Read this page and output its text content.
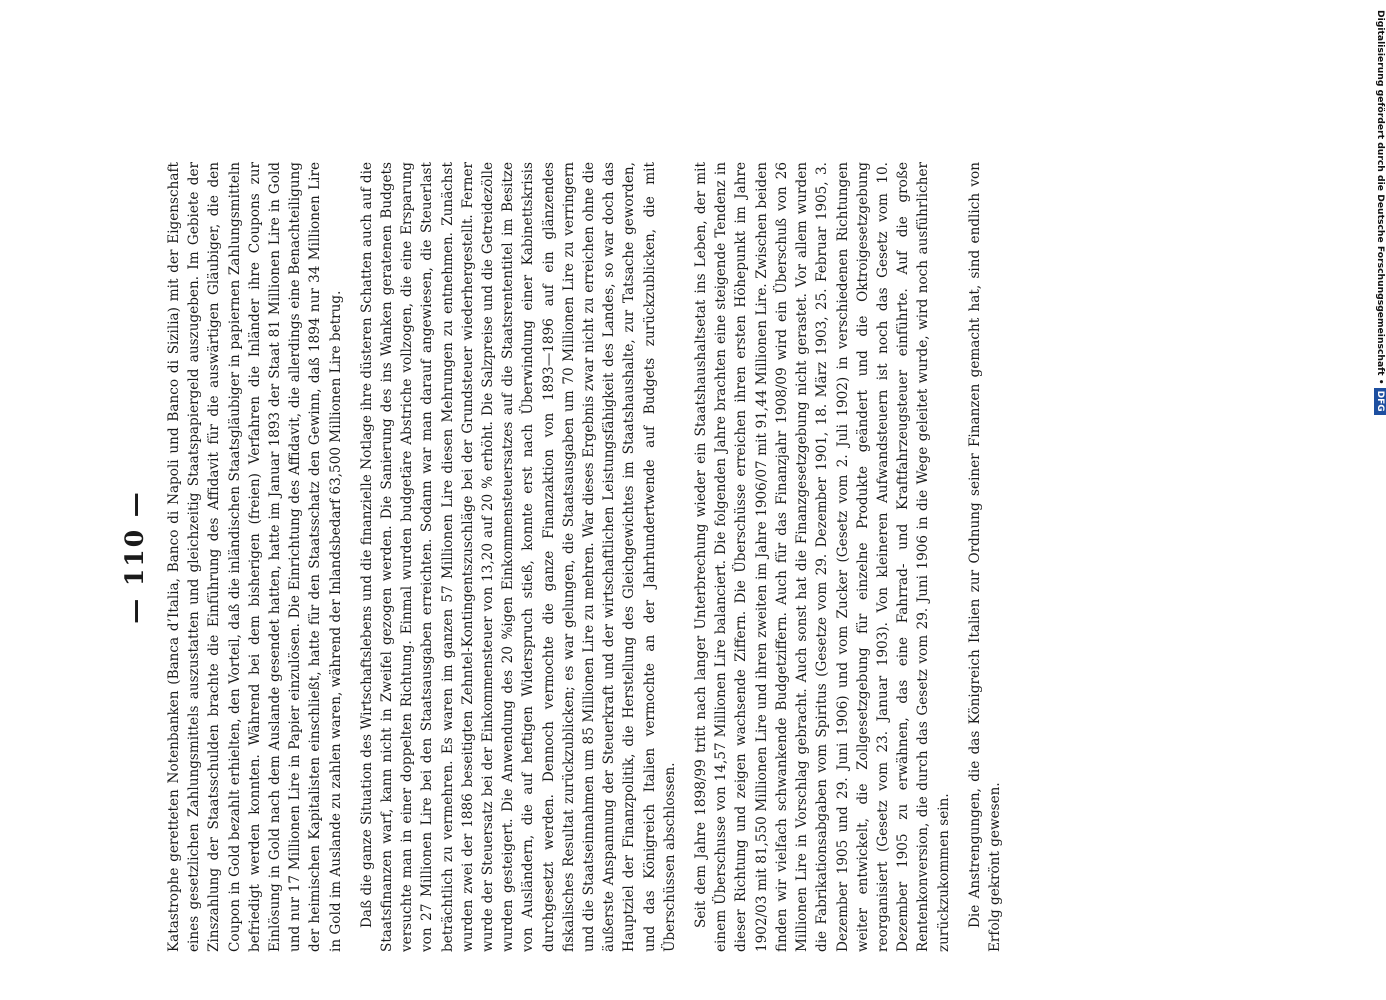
— 110 — Katastrophe geretteten Notenbanken (Banca d’Italia, Banco di Napoli und Banco di Sizilia) mit der Eigenschaft eines gesetzlichen Zahlungsmittels auszustatten und gleichzeitig Staatspapiergeld auszugeben. Im Gebiete der Zinszahlung der Staatsschulden brachte die Einführung des Affidavit für die auswärtigen Gläubiger, die den Coupon in Gold bezahlt erhielten, den Vorteil, daß die inländischen Staatsgläubiger in papiernen Zahlungsmitteln befriedigt werden konnten. Während bei dem bisherigen (freien) Verfahren die Inländer ihre Coupons zur Einlösung in Gold nach dem Auslande gesendet hatten, hatte im Januar 1893 der Staat 81 Millionen Lire in Gold und nur 17 Millionen Lire in Papier einzulösen. Die Einrichtung des Affidavit, die allerdings eine Benachteiligung der heimischen Kapitalisten einschließt, hatte für den Staatsschatz den Gewinn, daß 1894 nur 34 Millionen Lire in Gold im Auslande zu zahlen waren, während der Inlandsbedarf 63,500 Millionen Lire betrug. Daß die ganze Situation des Wirtschaftslebens und die finanzielle Notlage ihre düsteren Schatten auch auf die Staatsfinanzen warf, kann nicht in Zweifel gezogen werden. Die Sanierung des ins Wanken geratenen Budgets versuchte man in einer doppelten Richtung. Einmal wurden budgetäre Abstriche vollzogen, die eine Ersparung von 27 Millionen Lire bei den Staatsausgaben erreichten. Sodann war man darauf angewiesen, die Steuerlast beträchtlich zu vermehren. Es waren im ganzen 57 Millionen Lire diesen Mehrungen zu entnehmen. Zunächst wurden zwei der 1886 beseitigten Zehntel-Kontingentszuschläge bei der Grundsteuer wiederhergestellt. Ferner wurde der Steuersatz bei der Einkommensteuer von 13,20 auf 20 % erhöht. Die Salzpreise und die Getreidezölle wurden gesteigert. Die Anwendung des 20 %igen Einkommensteuersatzes auf die Staatsrententitel im Besitze von Ausländern, die auf heftigen Widerspruch stieß, konnte erst nach Überwindung einer Kabinettskrisis durchgesetzt werden. Dennoch vermochte die ganze Finanzaktion von 1893—1896 auf ein glänzendes fiskalisches Resultat zurückzublicken; es war gelungen, die Staatsausgaben um 70 Millionen Lire zu verringern und die Staatseinnahmen um 85 Millionen Lire zu mehren. War dieses Ergebnis zwar nicht zu erreichen ohne die äußerste Anspannung der Steuerkraft und der wirtschaftlichen Leistungsfähigkeit des Landes, so war doch das Hauptziel der Finanzpolitik, die Herstellung des Gleichgewichtes im Staatshaushalte, zur Tatsache geworden, und das Königreich Italien vermochte an der Jahrhundertwende auf Budgets zurückzublicken, die mit Überschüssen abschlossen. Seit dem Jahre 1898/99 tritt nach langer Unterbrechung wieder ein Staatshaushaltsetat ins Leben, der mit einem Überschusse von 14,57 Millionen Lire balanciert. Die folgenden Jahre brachten eine steigende Tendenz in dieser Richtung und zeigen wachsende Ziffern. Die Überschüsse erreichen ihren ersten Höhepunkt im Jahre 1902/03 mit 81,550 Millionen Lire und ihren zweiten im Jahre 1906/07 mit 91,44 Millionen Lire. Zwischen beiden finden wir vielfach schwankende Budgetziffern. Auch für das Finanzjahr 1908/09 wird ein Überschuß von 26 Millionen Lire in Vorschlag gebracht. Auch sonst hat die Finanzgesetzgebung nicht gerastet. Vor allem wurden die Fabrikationsabgaben vom Spiritus (Gesetze vom 29. Dezember 1901, 18. März 1903, 25. Februar 1905, 3. Dezember 1905 und 29. Juni 1906) und vom Zucker (Gesetz vom 2. Juli 1902) in verschiedenen Richtungen weiter entwickelt, die Zollgesetzgebung für einzelne Produkte geändert und die Oktroigesetzgebung reorganisiert (Gesetz vom 23. Januar 1903). Von kleineren Aufwandsteuern ist noch das Gesetz vom 10. Dezember 1905 zu erwähnen, das eine Fahrrad- und Kraftfahrzeugsteuer einführte. Auf die große Rentenkonversion, die durch das Gesetz vom 29. Juni 1906 in die Wege geleitet wurde, wird noch ausführlicher zurückzukommen sein. Die Anstrengungen, die das Königreich Italien zur Ordnung seiner Finanzen gemacht hat, sind endlich von Erfolg gekrönt gewesen.

Digitalisierung gefördert durch die Deutsche Forschungsgemeinschaft •DFG
